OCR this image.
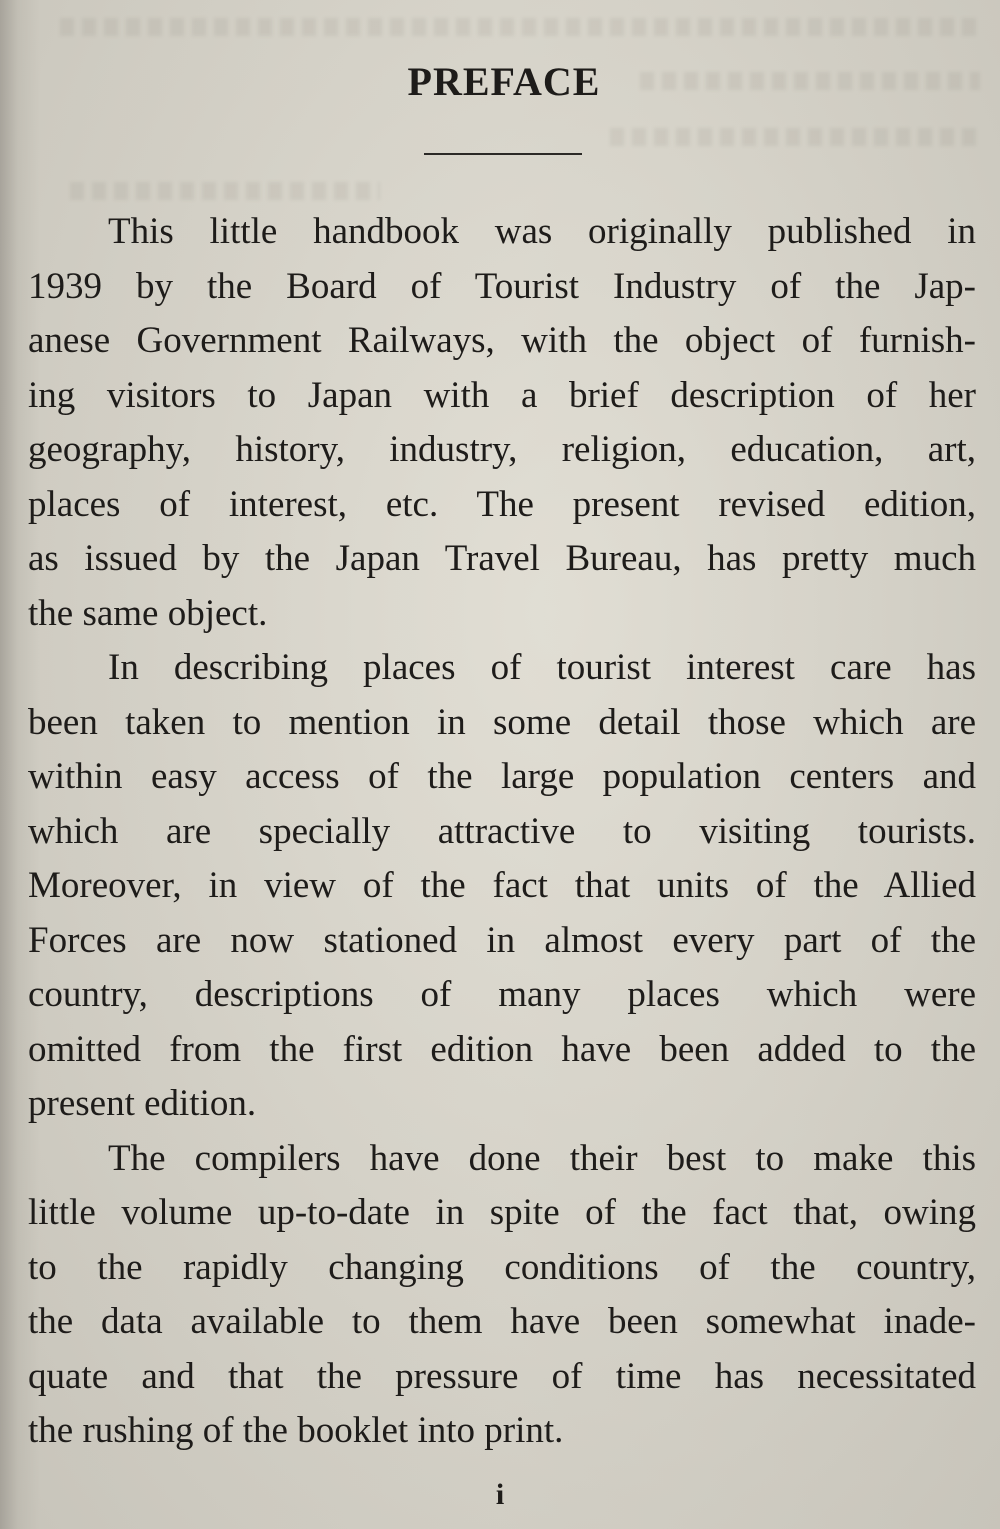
PREFACE
This little handbook was originally published in
1939 by the Board of Tourist Industry of the Jap-
anese Government Railways, with the object of furnish-
ing visitors to Japan with a brief description of her
geography, history, industry, religion, education, art,
places of interest, etc. The present revised edition,
as issued by the Japan Travel Bureau, has pretty much
the same object.
In describing places of tourist interest care has
been taken to mention in some detail those which are
within easy access of the large population centers and
which are specially attractive to visiting tourists.
Moreover, in view of the fact that units of the Allied
Forces are now stationed in almost every part of the
country, descriptions of many places which were
omitted from the first edition have been added to the
present edition.
The compilers have done their best to make this
little volume up-to-date in spite of the fact that, owing
to the rapidly changing conditions of the country,
the data available to them have been somewhat inade-
quate and that the pressure of time has necessitated
the rushing of the booklet into print.
i
